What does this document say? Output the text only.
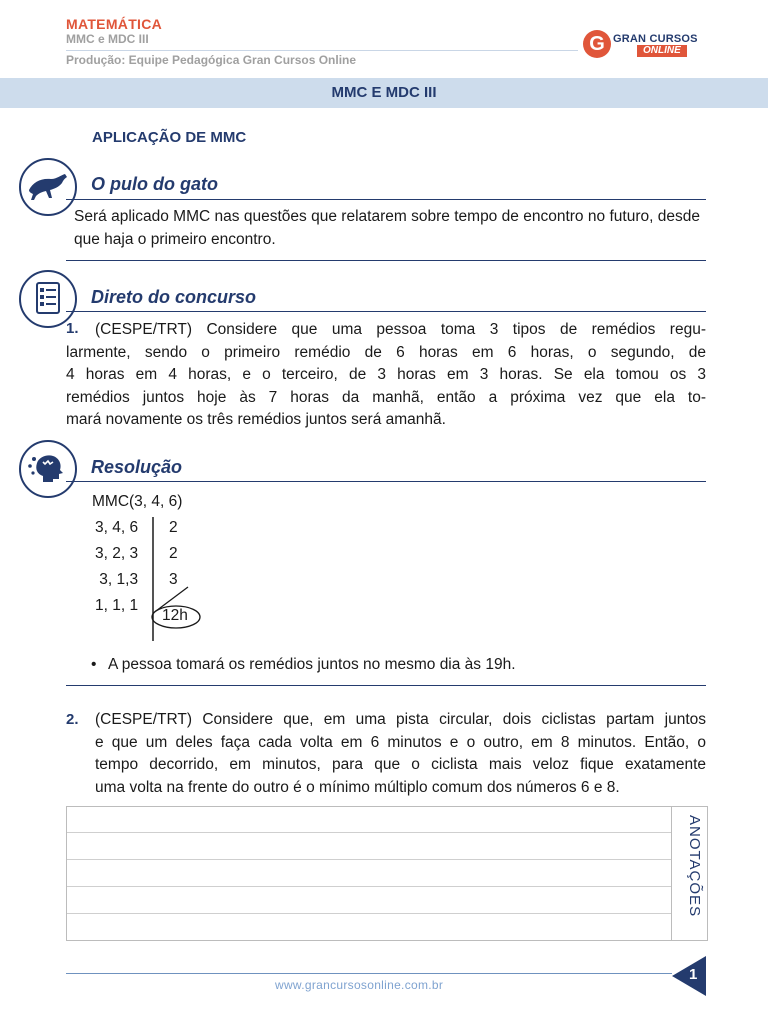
MATEMÁTICA
MMC e MDC III
Produção: Equipe Pedagógica Gran Cursos Online
G GRAN CURSOS
ONLINE
MMC E MDC III
APLICAÇÃO DE MMC
O pulo do gato
Será aplicado MMC nas questões que relatarem sobre tempo de encontro no futuro, desde que haja o primeiro encontro.
Direto do concurso
1. (CESPE/TRT) Considere que uma pessoa toma 3 tipos de remédios regu-
larmente, sendo o primeiro remédio de 6 horas em 6 horas, o segundo, de
4 horas em 4 horas, e o terceiro, de 3 horas em 3 horas. Se ela tomou os 3
remédios juntos hoje às 7 horas da manhã, então a próxima vez que ela to-
mará novamente os três remédios juntos será amanhã.
Resolução
MMC(3, 4, 6)
3, 4, 6 2
3, 2, 3 2
3, 1,3 3
1, 1, 1
12h
• A pessoa tomará os remédios juntos no mesmo dia às 19h.
2. (CESPE/TRT) Considere que, em uma pista circular, dois ciclistas partam juntos
e que um deles faça cada volta em 6 minutos e o outro, em 8 minutos. Então, o
tempo decorrido, em minutos, para que o ciclista mais veloz fique exatamente
uma volta na frente do outro é o mínimo múltiplo comum dos números 6 e 8.
ANOTAÇÕES
www.grancursosonline.com.br
1
